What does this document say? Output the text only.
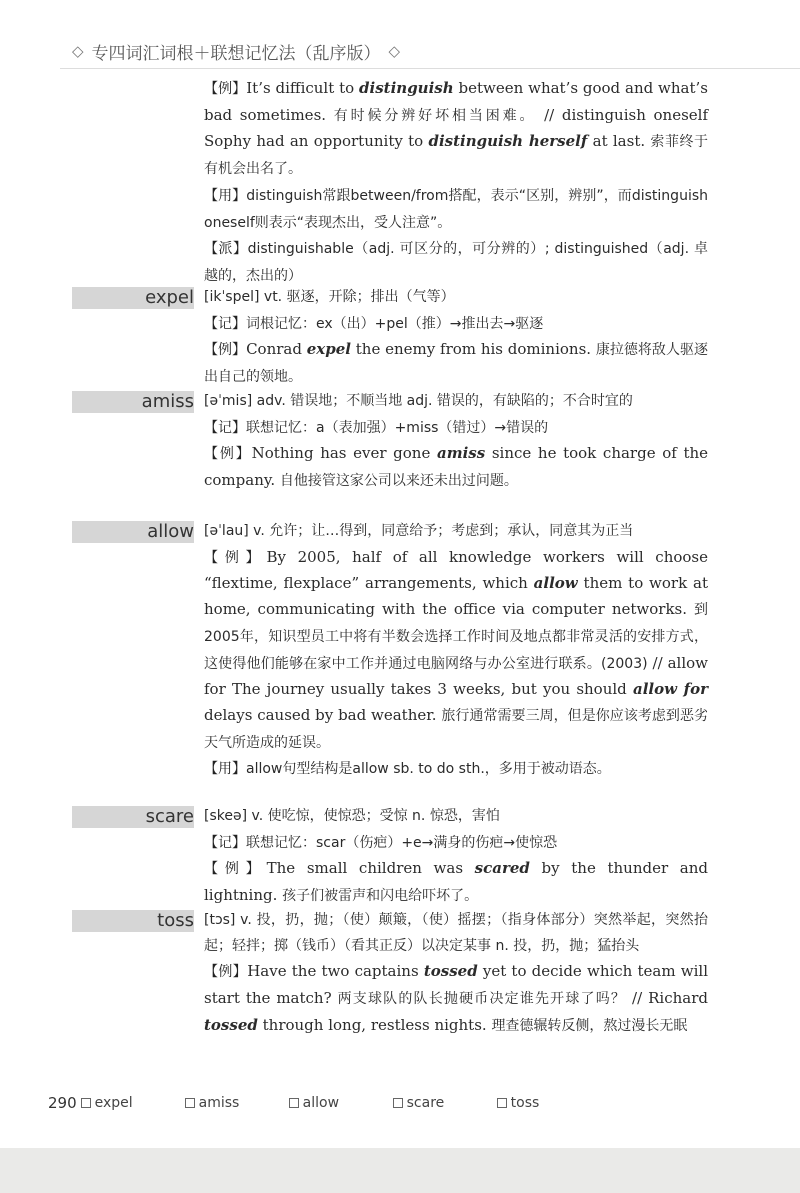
◇ 专四词汇词根＋联想记忆法（乱序版） ◇

【例】It’s difficult to distinguish between what’s good and what’s bad sometimes. 有时候分辨好坏相当困难。 // distinguish oneself Sophy had an opportunity to distinguish herself at last. 索菲终于有机会出名了。

【用】distinguish常跟between/from搭配，表示“区别，辨别”，而distinguish oneself则表示“表现杰出，受人注意”。

【派】distinguishable（adj. 可区分的，可分辨的）; distinguished（adj. 卓越的，杰出的）

expel [ikˈspel] vt. 驱逐，开除；排出（气等）

【记】词根记忆：ex（出）+pel（推）→推出去→驱逐

【例】Conrad expel the enemy from his dominions. 康拉德将敌人驱逐出自己的领地。

amiss [əˈmis] adv. 错误地；不顺当地 adj. 错误的，有缺陷的；不合时宜的

【记】联想记忆：a（表加强）+miss（错过）→错误的

【例】Nothing has ever gone amiss since he took charge of the company. 自他接管这家公司以来还未出过问题。

allow [əˈlau] v. 允许；让…得到，同意给予；考虑到；承认，同意其为正当

【例】By 2005, half of all knowledge workers will choose “flextime, flexplace” arrangements, which allow them to work at home, communicating with the office via computer networks. 到2005年，知识型员工中将有半数会选择工作时间及地点都非常灵活的安排方式，这使得他们能够在家中工作并通过电脑网络与办公室进行联系。(2003) // allow for The journey usually takes 3 weeks, but you should allow for delays caused by bad weather. 旅行通常需要三周，但是你应该考虑到恶劣天气所造成的延误。

【用】allow句型结构是allow sb. to do sth.，多用于被动语态。

scare [skeə] v. 使吃惊，使惊恐；受惊 n. 惊恐，害怕

【记】联想记忆：scar（伤疤）+e→满身的伤疤→使惊恐

【例】The small children was scared by the thunder and lightning. 孩子们被雷声和闪电给吓坏了。

toss [tɔs] v. 投，扔，抛；（使）颠簸，（使）摇摆；（指身体部分）突然举起，突然抬起；轻拌；掷（钱币）（看其正反）以决定某事 n. 投，扔，抛；猛抬头

【例】Have the two captains tossed yet to decide which team will start the match? 两支球队的队长抛硬币决定谁先开球了吗？ // Richard tossed through long, restless nights. 理查德辗转反侧，熬过漫长无眠

290 expel	amiss	allow	scare	toss
